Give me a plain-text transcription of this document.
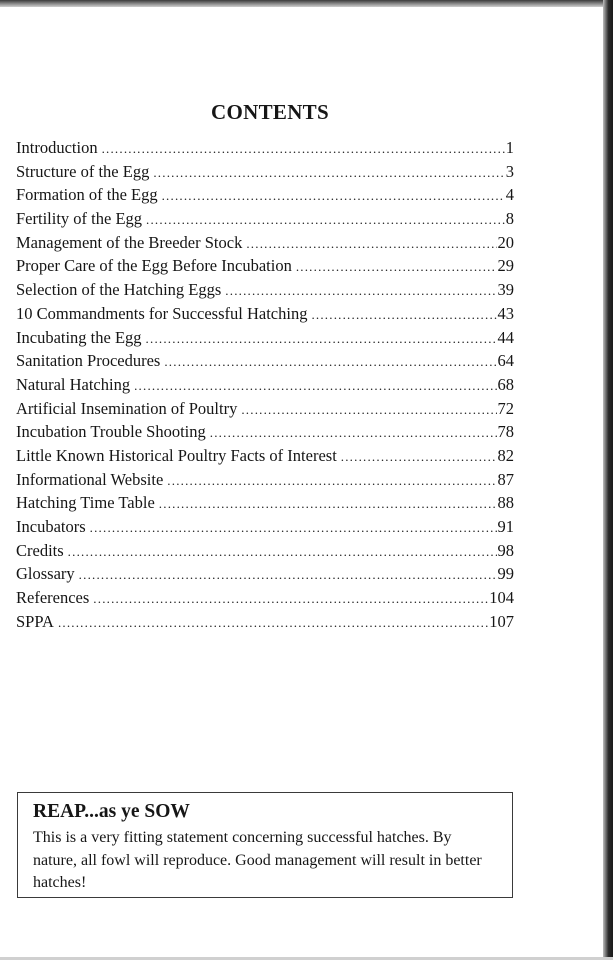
CONTENTS
Introduction .....	1
Structure of the Egg .....	3
Formation of the Egg .....	4
Fertility of the Egg .....	8
Management of the Breeder Stock .....	20
Proper Care of the Egg Before Incubation .....	29
Selection of the Hatching Eggs .....	39
10 Commandments for Successful Hatching .....	43
Incubating the Egg .....	44
Sanitation Procedures .....	64
Natural Hatching .....	68
Artificial Insemination of Poultry .....	72
Incubation Trouble Shooting .....	78
Little Known Historical Poultry Facts of Interest .....	82
Informational Website .....	87
Hatching Time Table .....	88
Incubators .....	91
Credits .....	98
Glossary .....	99
References .....	104
SPPA .....	107
REAP...as ye SOW

This is a very fitting statement concerning successful hatches. By nature, all fowl will reproduce. Good management will result in better hatches!
